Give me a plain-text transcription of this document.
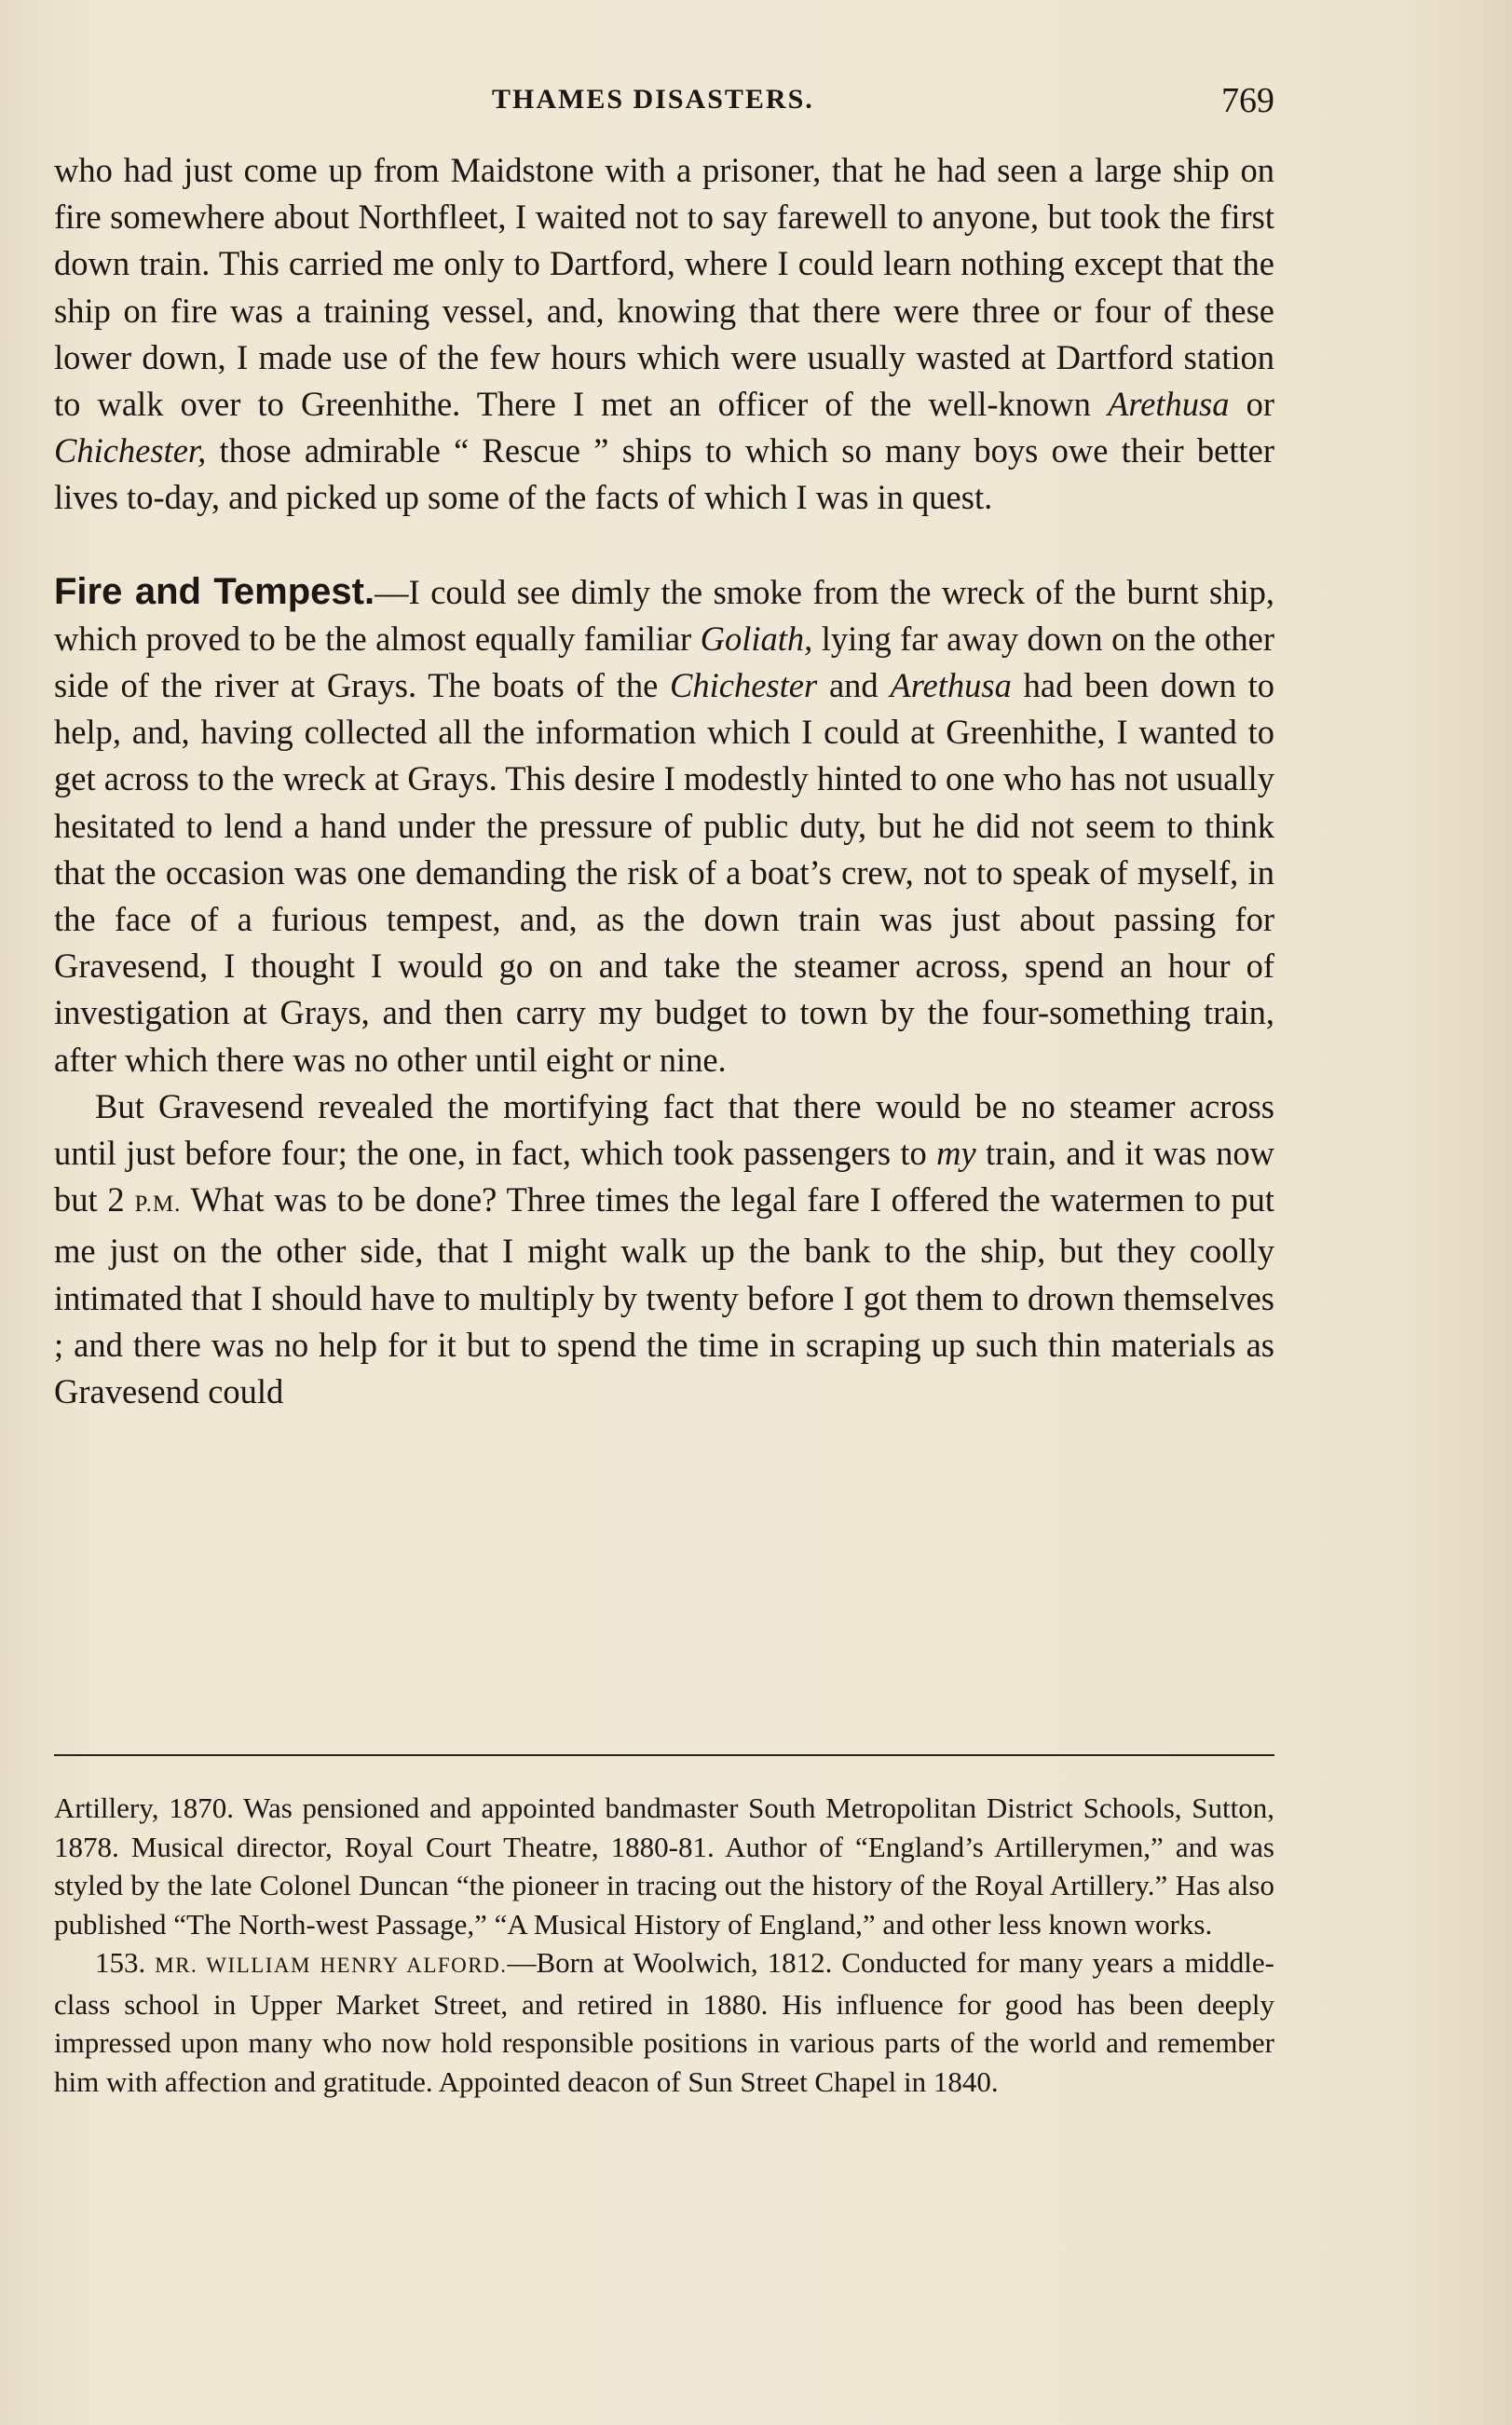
THAMES DISASTERS.	769

who had just come up from Maidstone with a prisoner, that he had seen a large ship on fire somewhere about Northfleet, I waited not to say farewell to anyone, but took the first down train. This carried me only to Dartford, where I could learn nothing except that the ship on fire was a training vessel, and, knowing that there were three or four of these lower down, I made use of the few hours which were usually wasted at Dartford station to walk over to Greenhithe. There I met an officer of the well-known Arethusa or Chichester, those admirable “ Rescue ” ships to which so many boys owe their better lives to-day, and picked up some of the facts of which I was in quest.

Fire and Tempest.—I could see dimly the smoke from the wreck of the burnt ship, which proved to be the almost equally familiar Goliath, lying far away down on the other side of the river at Grays. The boats of the Chichester and Arethusa had been down to help, and, having collected all the information which I could at Greenhithe, I wanted to get across to the wreck at Grays. This desire I modestly hinted to one who has not usually hesitated to lend a hand under the pressure of public duty, but he did not seem to think that the occasion was one demanding the risk of a boat’s crew, not to speak of myself, in the face of a furious tempest, and, as the down train was just about passing for Gravesend, I thought I would go on and take the steamer across, spend an hour of investigation at Grays, and then carry my budget to town by the four-something train, after which there was no other until eight or nine.

But Gravesend revealed the mortifying fact that there would be no steamer across until just before four; the one, in fact, which took passengers to my train, and it was now but 2 P.M. What was to be done? Three times the legal fare I offered the watermen to put me just on the other side, that I might walk up the bank to the ship, but they coolly intimated that I should have to multiply by twenty before I got them to drown themselves ; and there was no help for it but to spend the time in scraping up such thin materials as Gravesend could

Artillery, 1870. Was pensioned and appointed bandmaster South Metropolitan District Schools, Sutton, 1878. Musical director, Royal Court Theatre, 1880-81. Author of “England’s Artillerymen,” and was styled by the late Colonel Duncan “the pioneer in tracing out the history of the Royal Artillery.” Has also published “The North-west Passage,” “A Musical History of England,” and other less known works.

153. MR. WILLIAM HENRY ALFORD.—Born at Woolwich, 1812. Conducted for many years a middle-class school in Upper Market Street, and retired in 1880. His influence for good has been deeply impressed upon many who now hold responsible positions in various parts of the world and remember him with affection and gratitude. Appointed deacon of Sun Street Chapel in 1840.
